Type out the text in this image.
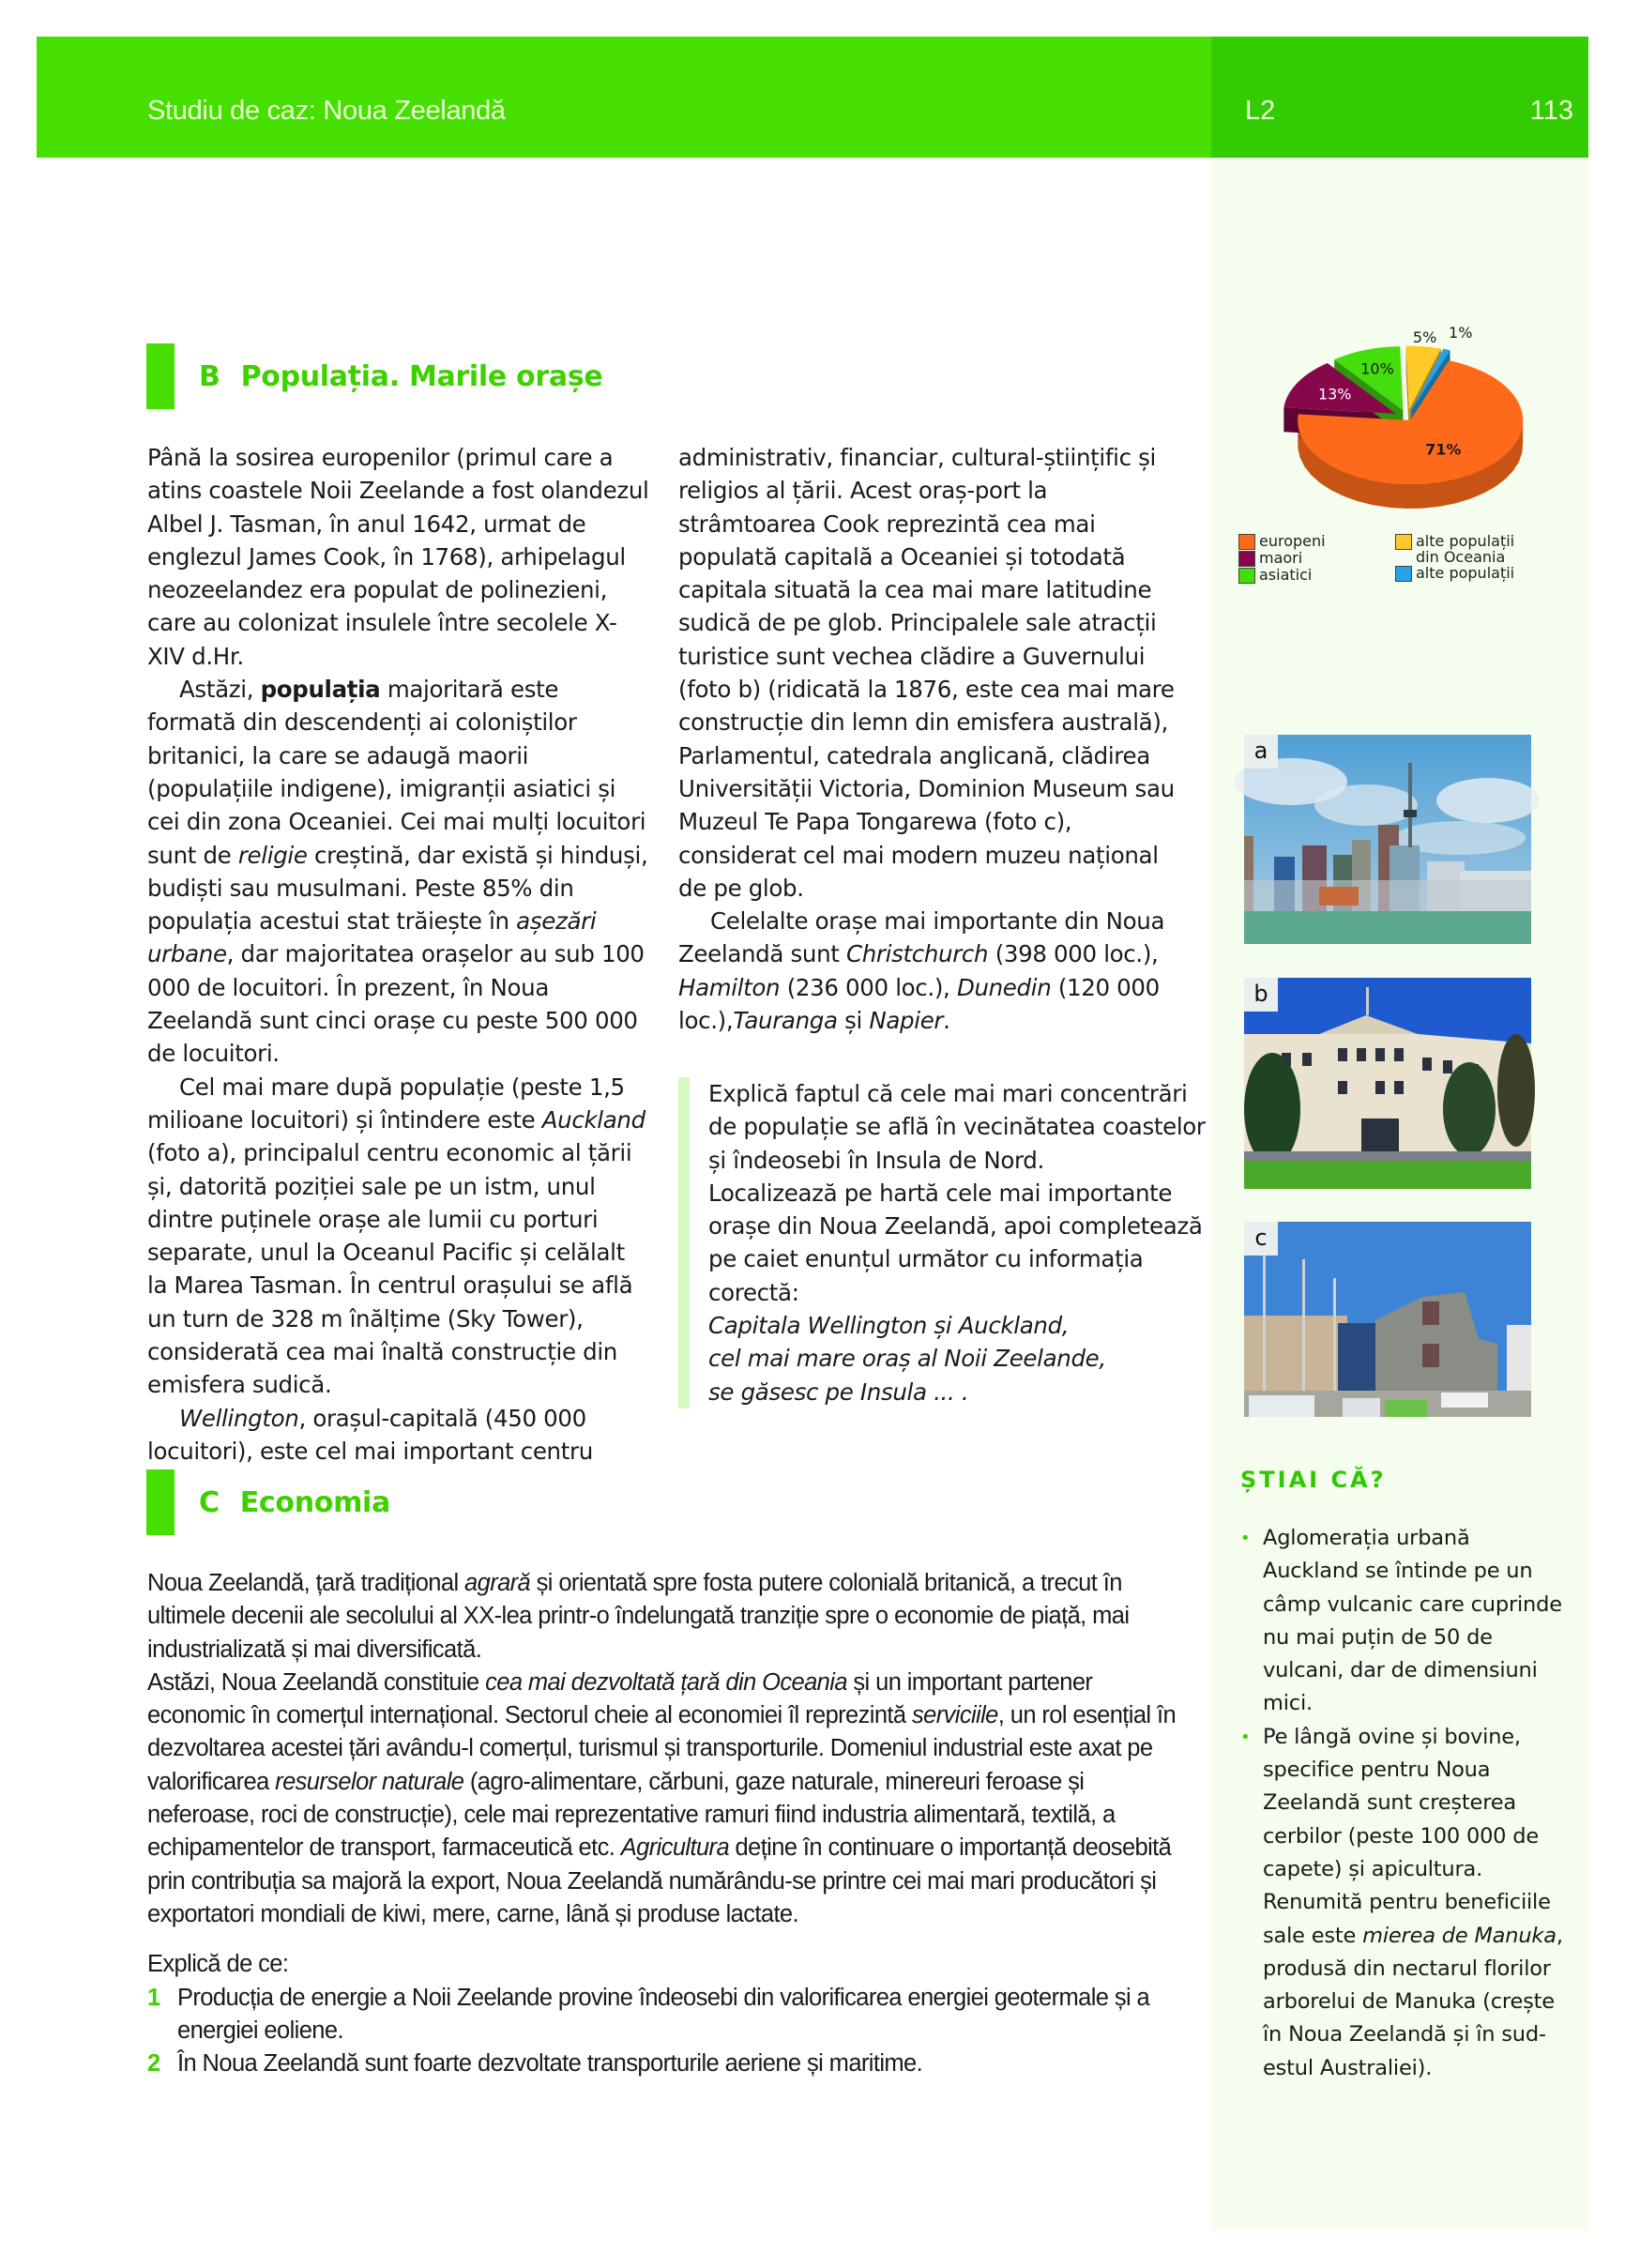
Studiu de caz: Noua Zeelandă	L2	113
B Populația. Marile orașe

Până la sosirea europenilor (primul care a atins coastele Noii Zeelande a fost olandezul Albel J. Tasman, în anul 1642, urmat de englezul James Cook, în 1768), arhipelagul neozeelandez era populat de polinezieni, care au colonizat insulele între secolele X-XIV d.Hr.

Astăzi, populația majoritară este formată din descendenți ai coloniștilor britanici, la care se adaugă maorii (populațiile indigene), imigranții asiatici și cei din zona Oceaniei. Cei mai mulți locuitori sunt de religie creștină, dar există și hinduși, budiști sau musulmani. Peste 85% din populația acestui stat trăiește în așezări urbane, dar majoritatea orașelor au sub 100 000 de locuitori. În prezent, în Noua Zeelandă sunt cinci orașe cu peste 500 000 de locuitori.

Cel mai mare după populație (peste 1,5 milioane locuitori) și întindere este Auckland (foto a), principalul centru economic al țării și, datorită poziției sale pe un istm, unul dintre puținele orașe ale lumii cu porturi separate, unul la Oceanul Pacific și celălalt la Marea Tasman. În centrul orașului se află un turn de 328 m înălțime (Sky Tower), considerată cea mai înaltă construcție din emisfera sudică.

Wellington, orașul-capitală (450 000 locuitori), este cel mai important centru

administrativ, financiar, cultural-științific și religios al țării. Acest oraș-port la strâmtoarea Cook reprezintă cea mai populată capitală a Oceaniei și totodată capitala situată la cea mai mare latitudine sudică de pe glob. Principalele sale atracții turistice sunt vechea clădire a Guvernului (foto b) (ridicată la 1876, este cea mai mare construcție din lemn din emisfera australă), Parlamentul, catedrala anglicană, clădirea Universității Victoria, Dominion Museum sau Muzeul Te Papa Tongarewa (foto c), considerat cel mai modern muzeu național de pe glob.

Celelalte orașe mai importante din Noua Zeelandă sunt Christchurch (398 000 loc.), Hamilton (236 000 loc.), Dunedin (120 000 loc.),Tauranga și Napier.

Explică faptul că cele mai mari concentrări de populație se află în vecinătatea coastelor și îndeosebi în Insula de Nord.

Localizează pe hartă cele mai importante orașe din Noua Zeelandă, apoi completează pe caiet enunțul următor cu informația corectă:

Capitala Wellington și Auckland,
cel mai mare oraș al Noii Zeelande,
se găsesc pe Insula ... .

C Economia

Noua Zeelandă, țară tradițional agrară și orientată spre fosta putere colonială britanică, a trecut în ultimele decenii ale secolului al XX-lea printr-o îndelungată tranziție spre o economie de piață, mai industrializată și mai diversificată.

Astăzi, Noua Zeelandă constituie cea mai dezvoltată țară din Oceania și un important partener economic în comerțul internațional. Sectorul cheie al economiei îl reprezintă serviciile, un rol esențial în dezvoltarea acestei țări avându-l comerțul, turismul și transporturile. Domeniul industrial este axat pe valorificarea resurselor naturale (agro-alimentare, cărbuni, gaze naturale, minereuri feroase și neferoase, roci de construcție), cele mai reprezentative ramuri fiind industria alimentară, textilă, a echipamentelor de transport, farmaceutică etc. Agricultura deține în continuare o importanță deosebită prin contribuția sa majoră la export, Noua Zeelandă numărându-se printre cei mai mari producători și exportatori mondiali de kiwi, mere, carne, lână și produse lactate.

Explică de ce:

1 Producția de energie a Noii Zeelande provine îndeosebi din valorificarea energiei geotermale și a energiei eoliene.
2 În Noua Zeelandă sunt foarte dezvoltate transporturile aeriene și maritime.
71%
13%
10%
5% 1%
europeni
maori
asiatici
alte populații
din Oceania
alte populații
a
b
c
ȘTIAI CĂ?
• Aglomerația urbană Auckland se întinde pe un câmp vulcanic care cuprinde nu mai puțin de 50 de vulcani, dar de dimensiuni mici.
• Pe lângă ovine și bovine, specifice pentru Noua Zeelandă sunt creșterea cerbilor (peste 100 000 de capete) și apicultura. Renumită pentru beneficiile sale este mierea de Manuka, produsă din nectarul florilor arborelui de Manuka (crește în Noua Zeelandă și în sud-estul Australiei).
